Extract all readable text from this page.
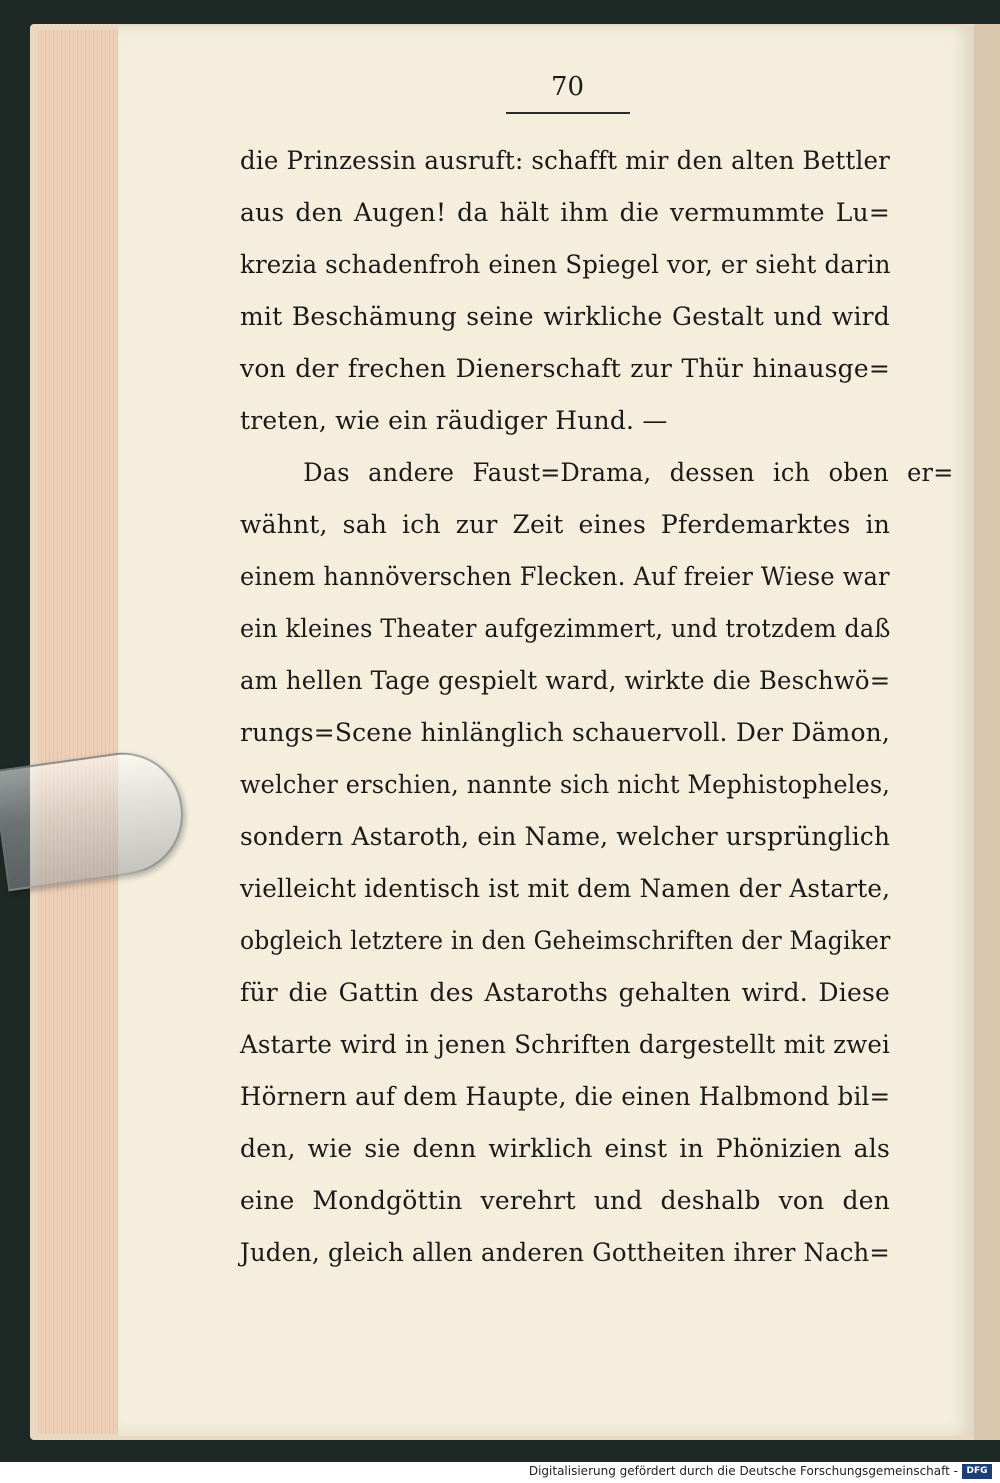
70
die Prinzessin ausruft: schafft mir den alten Bettler
aus den Augen! da hält ihm die vermummte Lu=
krezia schadenfroh einen Spiegel vor, er sieht darin
mit Beschämung seine wirkliche Gestalt und wird
von der frechen Dienerschaft zur Thür hinausge=
treten, wie ein räudiger Hund. —
Das andere Faust=Drama, dessen ich oben er=
wähnt, sah ich zur Zeit eines Pferdemarktes in
einem hannöverschen Flecken. Auf freier Wiese war
ein kleines Theater aufgezimmert, und trotzdem daß
am hellen Tage gespielt ward, wirkte die Beschwö=
rungs=Scene hinlänglich schauervoll. Der Dämon,
welcher erschien, nannte sich nicht Mephistopheles,
sondern Astaroth, ein Name, welcher ursprünglich
vielleicht identisch ist mit dem Namen der Astarte,
obgleich letztere in den Geheimschriften der Magiker
für die Gattin des Astaroths gehalten wird. Diese
Astarte wird in jenen Schriften dargestellt mit zwei
Hörnern auf dem Haupte, die einen Halbmond bil=
den, wie sie denn wirklich einst in Phönizien als
eine Mondgöttin verehrt und deshalb von den
Juden, gleich allen anderen Gottheiten ihrer Nach=
Digitalisierung gefördert durch die Deutsche Forschungsgemeinschaft - DFG
